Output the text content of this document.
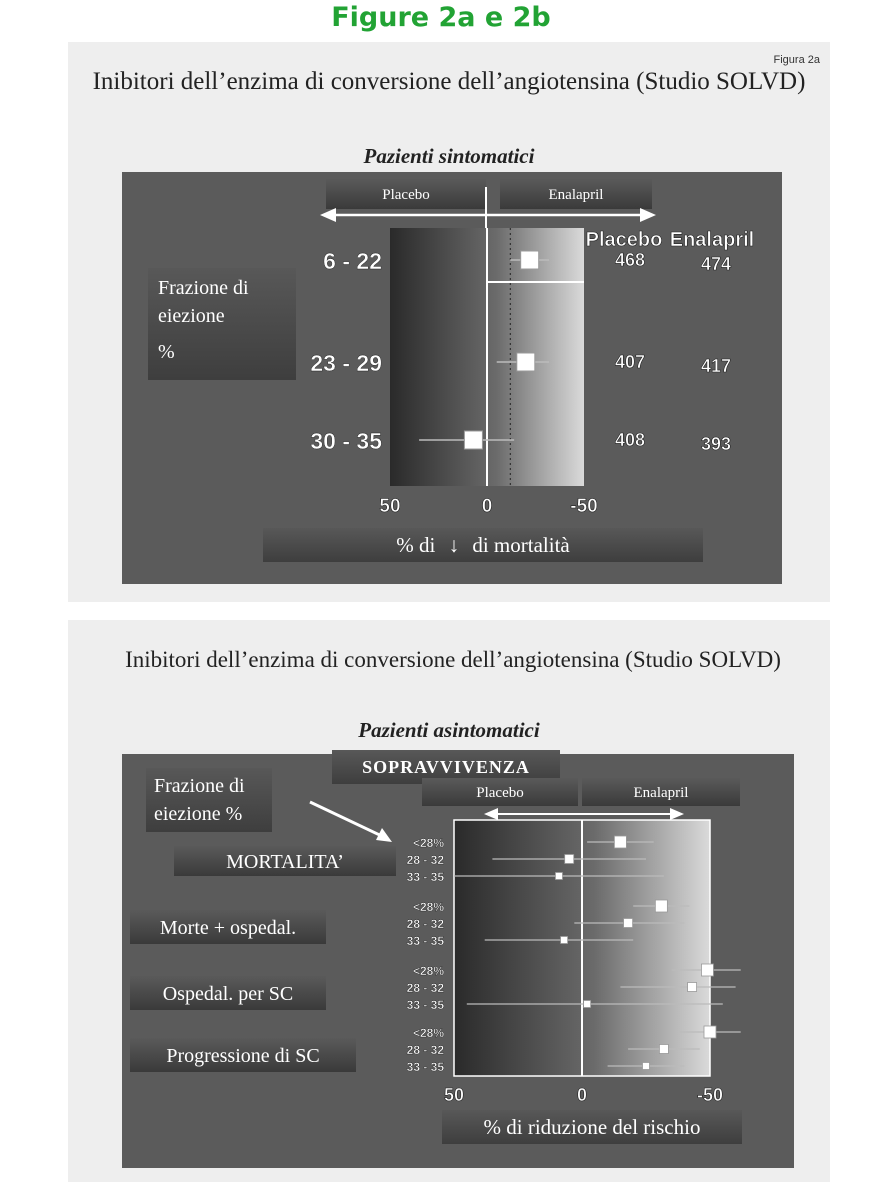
Figure 2a e 2b
Figura 2a
Inibitori dell’enzima di conversione dell’angiotensina (Studio SOLVD)
Pazienti sintomatici
Frazione di
eiezione
%
% di ↓ di mortalità
Placebo	Enalapril
Placebo Enalapril
6 - 22	468	474
23 - 29	407	417
30 - 35	408	393
50	0	-50
Inibitori dell’enzima di conversione dell’angiotensina (Studio SOLVD)
Pazienti asintomatici
SOPRAVVIVENZA
Frazione di
eiezione %
% di riduzione del rischio
Placebo	Enalapril
MORTALITA’
<28%
28 - 32
33 - 35
Morte + ospedal.
<28%
28 - 32
33 - 35
Ospedal. per SC
<28%
28 - 32
33 - 35
Progressione di SC
<28%
28 - 32
33 - 35
50	0	-50
